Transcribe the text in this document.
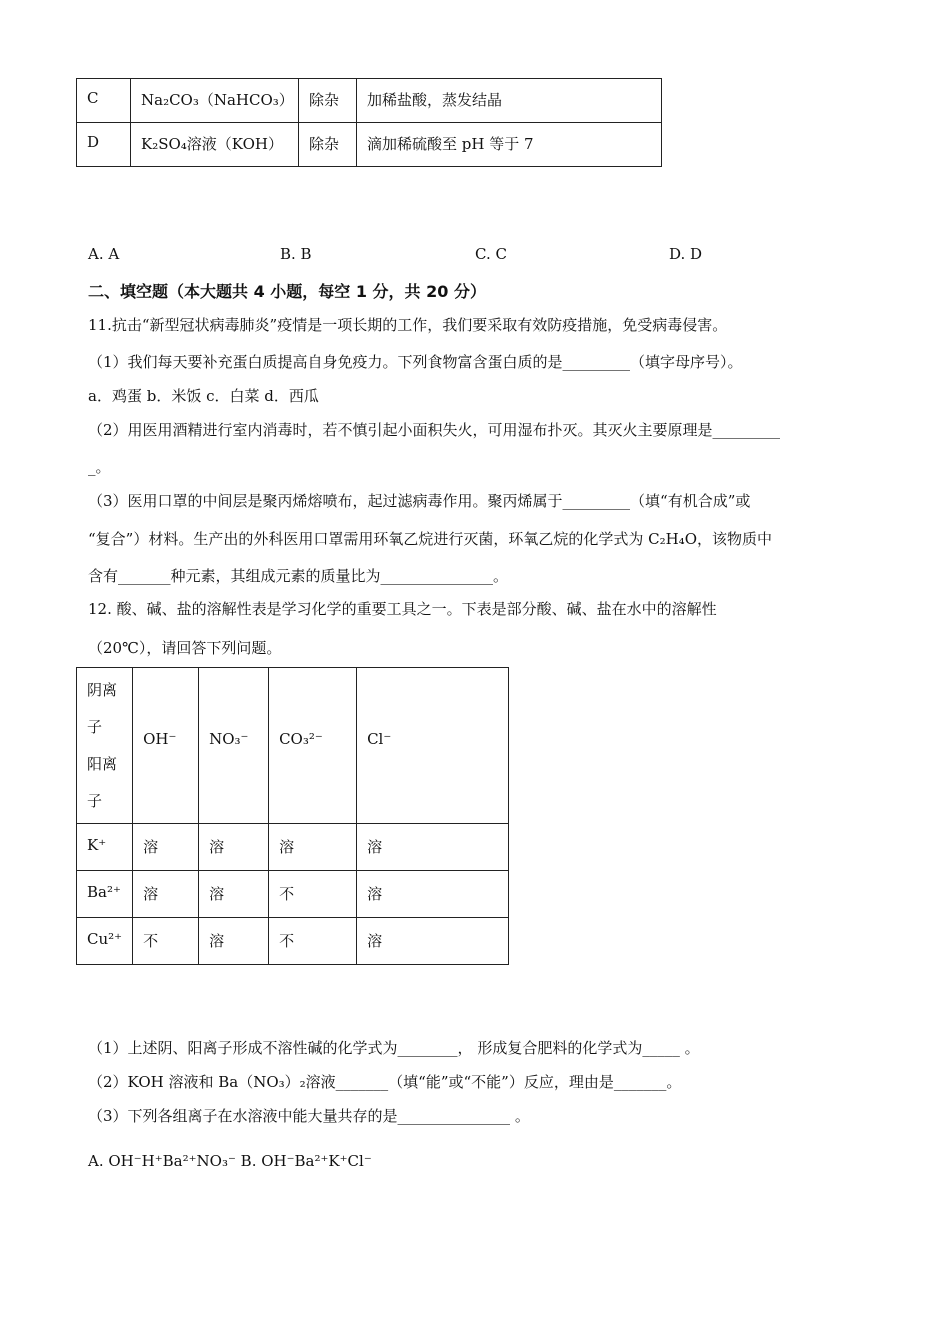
C	Na₂CO₃（NaHCO₃）	除杂	加稀盐酸，蒸发结晶
D	K₂SO₄溶液（KOH）	除杂	滴加稀硫酸至 pH 等于 7
A. A	B. B	C. C	D. D
二、填空题（本大题共 4 小题，每空 1 分，共 20 分）
11.抗击“新型冠状病毒肺炎”疫情是一项长期的工作，我们要采取有效防疫措施，免受病毒侵害。
（1）我们每天要补充蛋白质提高自身免疫力。下列食物富含蛋白质的是_________（填字母序号）。
a．鸡蛋 b．米饭 c．白菜 d．西瓜
（2）用医用酒精进行室内消毒时，若不慎引起小面积失火，可用湿布扑灭。其灭火主要原理是_________
_。
（3）医用口罩的中间层是聚丙烯熔喷布，起过滤病毒作用。聚丙烯属于_________（填“有机合成”或
“复合”）材料。生产出的外科医用口罩需用环氧乙烷进行灭菌，环氧乙烷的化学式为 C₂H₄O，该物质中
含有_______种元素，其组成元素的质量比为_______________。
12. 酸、碱、盐的溶解性表是学习化学的重要工具之一。下表是部分酸、碱、盐在水中的溶解性
（20℃），请回答下列问题。
阴离
子
阳离
子	OH⁻	NO₃⁻	CO₃²⁻	Cl⁻
K⁺	溶	溶	溶	溶
Ba²⁺	溶	溶	不	溶
Cu²⁺	不	溶	不	溶
（1）上述阴、阳离子形成不溶性碱的化学式为________， 形成复合肥料的化学式为_____ 。
（2）KOH 溶液和 Ba（NO₃）₂溶液_______（填“能”或“不能”）反应，理由是_______。
（3）下列各组离子在水溶液中能大量共存的是_______________ 。
A. OH⁻H⁺Ba²⁺NO₃⁻ B. OH⁻Ba²⁺K⁺Cl⁻
